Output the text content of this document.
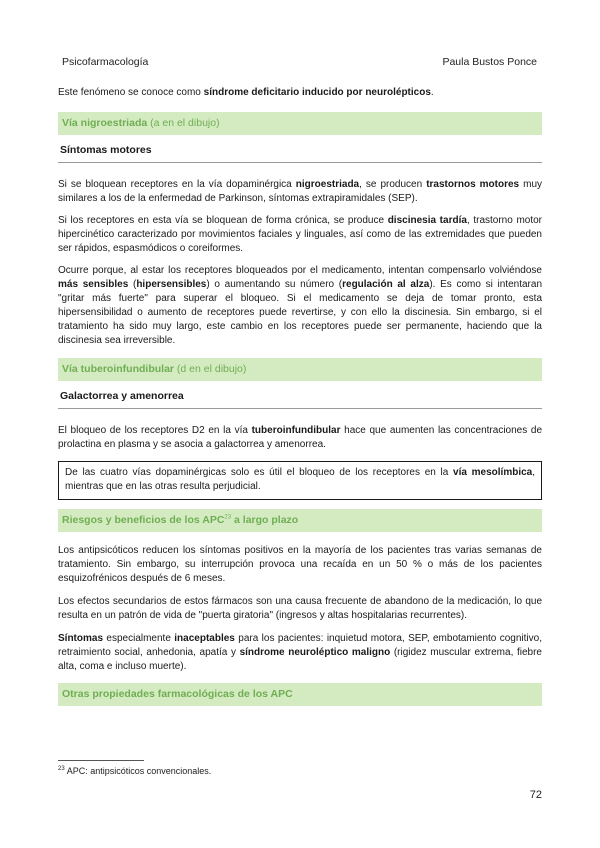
Psicofarmacología	Paula Bustos Ponce

Este fenómeno se conoce como síndrome deficitario inducido por neurolépticos.

Vía nigroestriada (a en el dibujo)
Síntomas motores

Si se bloquean receptores en la vía dopaminérgica nigroestriada, se producen trastornos motores muy similares a los de la enfermedad de Parkinson, síntomas extrapiramidales (SEP).

Si los receptores en esta vía se bloquean de forma crónica, se produce discinesia tardía, trastorno motor hipercinético caracterizado por movimientos faciales y linguales, así como de las extremidades que pueden ser rápidos, espasmódicos o coreiformes.

Ocurre porque, al estar los receptores bloqueados por el medicamento, intentan compensarlo volviéndose más sensibles (hipersensibles) o aumentando su número (regulación al alza). Es como si intentaran "gritar más fuerte" para superar el bloqueo. Si el medicamento se deja de tomar pronto, esta hipersensibilidad o aumento de receptores puede revertirse, y con ello la discinesia. Sin embargo, si el tratamiento ha sido muy largo, este cambio en los receptores puede ser permanente, haciendo que la discinesia sea irreversible.

Vía tuberoinfundibular (d en el dibujo)
Galactorrea y amenorrea

El bloqueo de los receptores D2 en la vía tuberoinfundibular hace que aumenten las concentraciones de prolactina en plasma y se asocia a galactorrea y amenorrea.

De las cuatro vías dopaminérgicas solo es útil el bloqueo de los receptores en la vía mesolímbica, mientras que en las otras resulta perjudicial.
Riesgos y beneficios de los APC$^{23}$ a largo plazo

Los antipsicóticos reducen los síntomas positivos en la mayoría de los pacientes tras varias semanas de tratamiento. Sin embargo, su interrupción provoca una recaída en un 50 % o más de los pacientes esquizofrénicos después de 6 meses.

Los efectos secundarios de estos fármacos son una causa frecuente de abandono de la medicación, lo que resulta en un patrón de vida de "puerta giratoria" (ingresos y altas hospitalarias recurrentes).

Síntomas especialmente inaceptables para los pacientes: inquietud motora, SEP, embotamiento cognitivo, retraimiento social, anhedonia, apatía y síndrome neuroléptico maligno (rigidez muscular extrema, fiebre alta, coma e incluso muerte).

Otras propiedades farmacológicas de los APC
$^{23}$ APC: antipsicóticos convencionales.
72
